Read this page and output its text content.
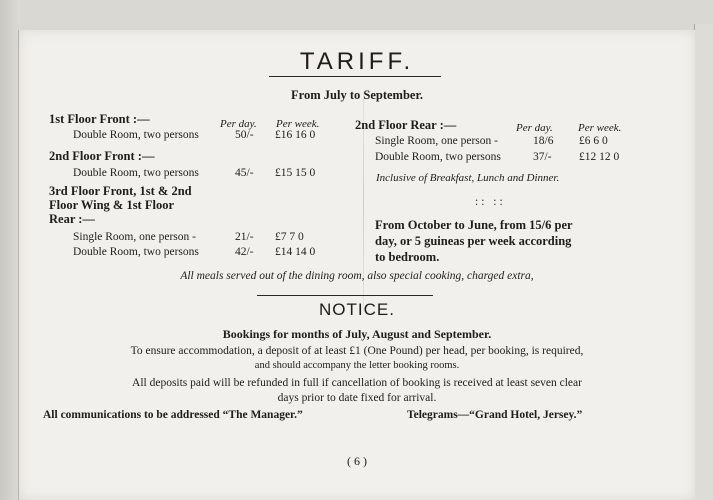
TARIFF.
From July to September.
1st Floor Front :—	Per day. Per week.
Double Room, two persons	50/- £16 16 0
2nd Floor Front :—
Double Room, two persons	45/- £15 15 0
3rd Floor Front, 1st & 2nd
Floor Wing & 1st Floor
Rear :—
Single Room, one person -	21/- £7 7 0
Double Room, two persons	42/- £14 14 0
2nd Floor Rear :—	Per day. Per week.
Single Room, one person -	18/6 £6 6 0
Double Room, two persons	37/- £12 12 0
Inclusive of Breakfast, Lunch and Dinner.
:: ::
From October to June, from 15/6 per
day, or 5 guineas per week according
to bedroom.
All meals served out of the dining room, also special cooking, charged extra,
NOTICE.
Bookings for months of July, August and September.
To ensure accommodation, a deposit of at least £1 (One Pound) per head, per booking, is required,
and should accompany the letter booking rooms.
All deposits paid will be refunded in full if cancellation of booking is received at least seven clear
days prior to date fixed for arrival.
All communications to be addressed “The Manager.”	Telegrams—“Grand Hotel, Jersey.”
( 6 )
